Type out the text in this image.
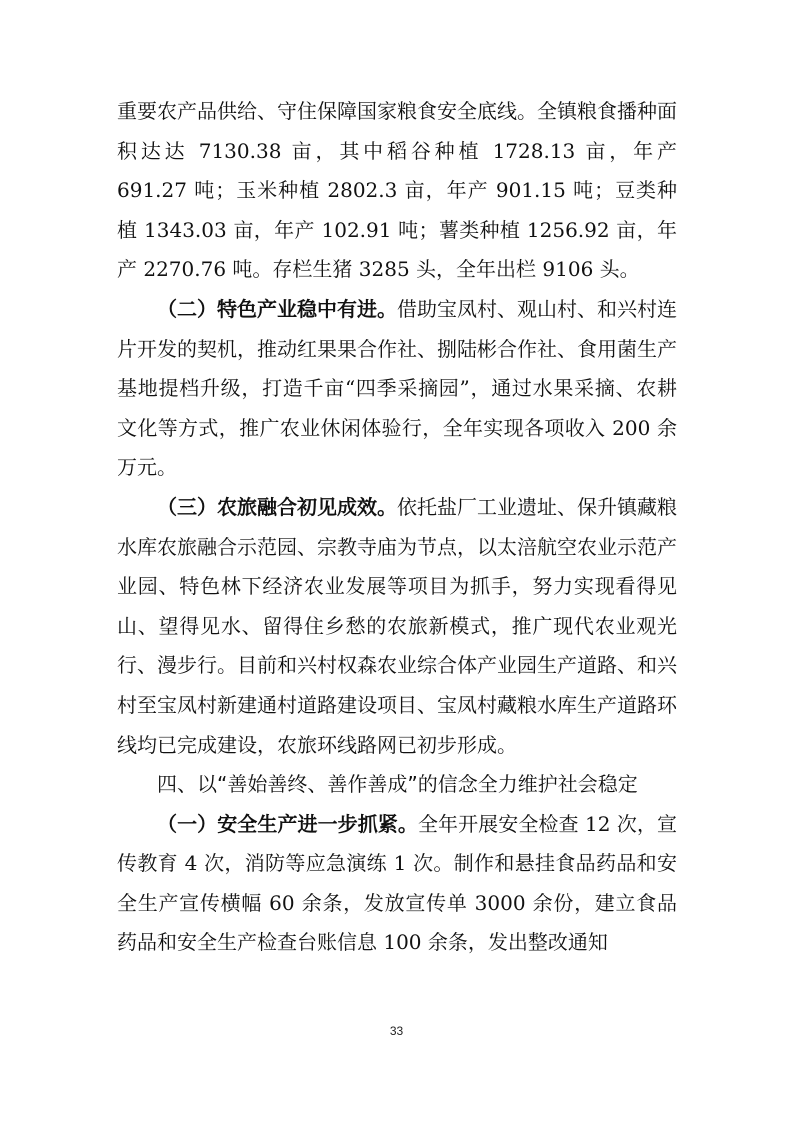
重要农产品供给、守住保障国家粮食安全底线。全镇粮食播种面积达达 7130.38 亩，其中稻谷种植 1728.13 亩，年产 691.27 吨；玉米种植 2802.3 亩，年产 901.15 吨；豆类种植 1343.03 亩，年产 102.91 吨；薯类种植 1256.92 亩，年产 2270.76 吨。存栏生猪 3285 头，全年出栏 9106 头。

（二）特色产业稳中有进。借助宝凤村、观山村、和兴村连片开发的契机，推动红果果合作社、捌陆彬合作社、食用菌生产基地提档升级，打造千亩“四季采摘园”，通过水果采摘、农耕文化等方式，推广农业休闲体验行，全年实现各项收入 200 余万元。

（三）农旅融合初见成效。依托盐厂工业遗址、保升镇藏粮水库农旅融合示范园、宗教寺庙为节点，以太涪航空农业示范产业园、特色林下经济农业发展等项目为抓手，努力实现看得见山、望得见水、留得住乡愁的农旅新模式，推广现代农业观光行、漫步行。目前和兴村权森农业综合体产业园生产道路、和兴村至宝凤村新建通村道路建设项目、宝凤村藏粮水库生产道路环线均已完成建设，农旅环线路网已初步形成。

四、以“善始善终、善作善成”的信念全力维护社会稳定

（一）安全生产进一步抓紧。全年开展安全检查 12 次，宣传教育 4 次，消防等应急演练 1 次。制作和悬挂食品药品和安全生产宣传横幅 60 余条，发放宣传单 3000 余份，建立食品药品和安全生产检查台账信息 100 余条，发出整改通知

33
